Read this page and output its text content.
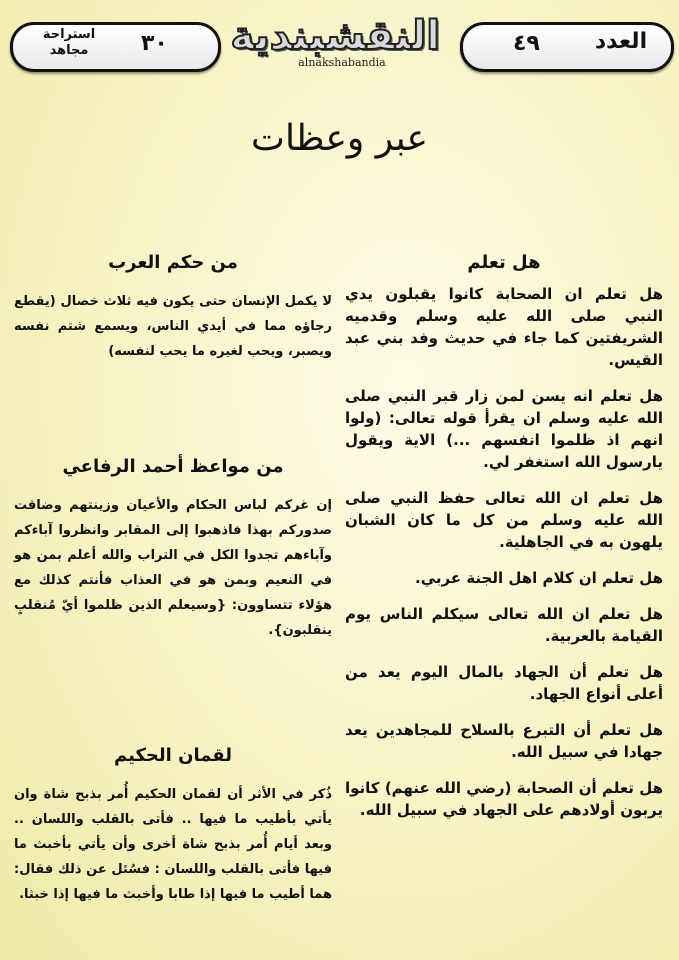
استراحة مجاهد	٣٠ النقشبندية
alnakshabandia
العدد
٤٩
عبر وعظات
هل تعلم

هل تعلم ان الصحابة كانوا يقبلون يدي النبي صلى الله عليه وسلم وقدميه الشريفتين كما جاء في حديث وفد بني عبد القيس.

هل تعلم انه يسن لمن زار قبر النبي صلى الله عليه وسلم ان يقرأ قوله تعالى: (ولوا انهم اذ ظلموا انفسهم ...) الاية ويقول يارسول الله استغفر لي.

هل تعلم ان الله تعالى حفظ النبي صلى الله عليه وسلم من كل ما كان الشبان يلهون به في الجاهلية.

هل تعلم ان كلام اهل الجنة عربي.

هل تعلم ان الله تعالى سيكلم الناس يوم القيامة بالعربية.

هل تعلم أن الجهاد بالمال اليوم يعد من أعلى أنواع الجهاد.

هل تعلم أن التبرع بالسلاح للمجاهدين يعد جهادا في سبيل الله.

هل تعلم أن الصحابة (رضي الله عنهم) كانوا يربون أولادهم على الجهاد في سبيل الله.

من حكم العرب

لا يكمل الإنسان حتى يكون فيه ثلاث خصال (يقطع رجاؤه مما في أيدي الناس، ويسمع شتم نفسه ويصبر، ويحب لغيره ما يحب لنفسه)

من مواعظ أحمد الرفاعي

إن غركم لباس الحكام والأعيان وزينتهم وضاقت صدوركم بهذا فاذهبوا إلى المقابر وانظروا آباءكم وآباءهم تجدوا الكل في التراب والله أعلم بمن هو في النعيم وبمن هو في العذاب فأنتم كذلك مع هؤلاء تتساوون: {وسيعلم الذين ظلموا أيّ مُنقلبٍ ينقلبون}.

لقمان الحكيم

ذُكر في الأثر أن لقمان الحكيم أُمر بذبح شاة وان يأتي بأطيب ما فيها .. فأتى بالقلب واللسان .. وبعد أيام أُمر بذبح شاة أخرى وأن يأتي بأخبث ما فيها فأتى بالقلب واللسان : فسُئل عن ذلك فقال: هما أطيب ما فيها إذا طابا وأخبث ما فيها إذا خبثا.
